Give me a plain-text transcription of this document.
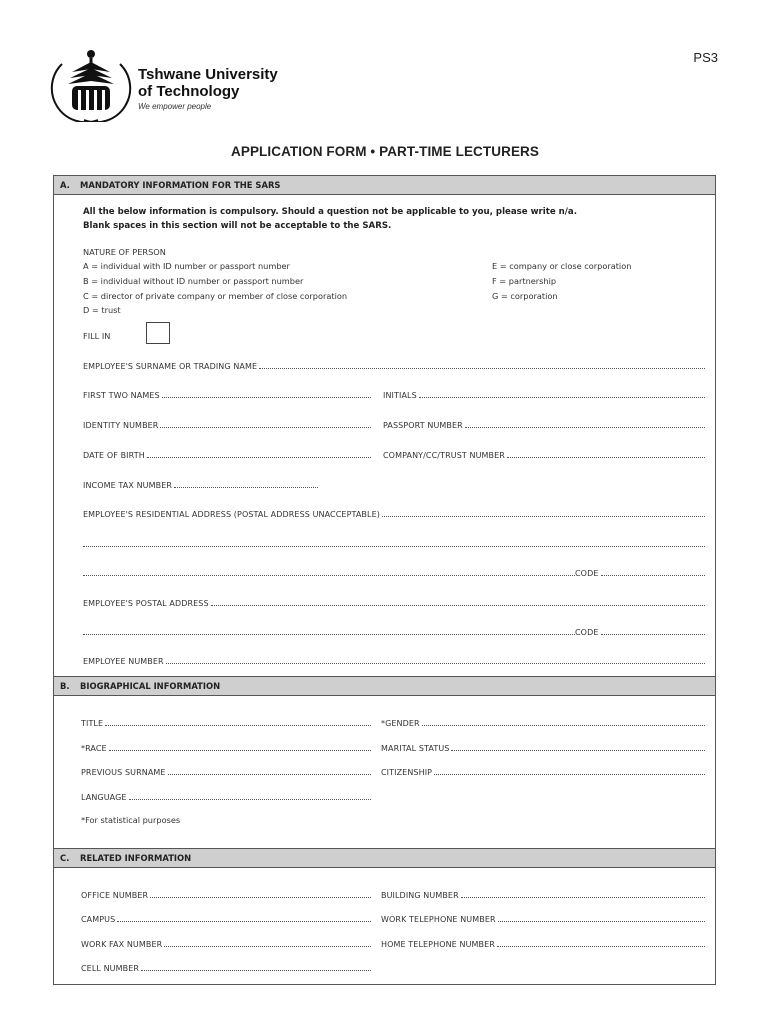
PS3
Tshwane University
of Technology
We empower people
APPLICATION FORM • PART-TIME LECTURERS
A. MANDATORY INFORMATION FOR THE SARS
All the below information is compulsory. Should a question not be applicable to you, please write n/a.
Blank spaces in this section will not be acceptable to the SARS.
NATURE OF PERSON
A = individual with ID number or passport number
B = individual without ID number or passport number
C = director of private company or member of close corporation
D = trust
E = company or close corporation
F = partnership
G = corporation
FILL IN
EMPLOYEE'S SURNAME OR TRADING NAME
FIRST TWO NAMES	INITIALS
IDENTITY NUMBER	PASSPORT NUMBER
DATE OF BIRTH	COMPANY/CC/TRUST NUMBER
INCOME TAX NUMBER
EMPLOYEE'S RESIDENTIAL ADDRESS (POSTAL ADDRESS UNACCEPTABLE)
CODE
EMPLOYEE'S POSTAL ADDRESS
CODE
EMPLOYEE NUMBER
B. BIOGRAPHICAL INFORMATION
TITLE	*GENDER
*RACE	MARITAL STATUS
PREVIOUS SURNAME	CITIZENSHIP
LANGUAGE
*For statistical purposes
C. RELATED INFORMATION
OFFICE NUMBER	BUILDING NUMBER
CAMPUS	WORK TELEPHONE NUMBER
WORK FAX NUMBER	HOME TELEPHONE NUMBER
CELL NUMBER
